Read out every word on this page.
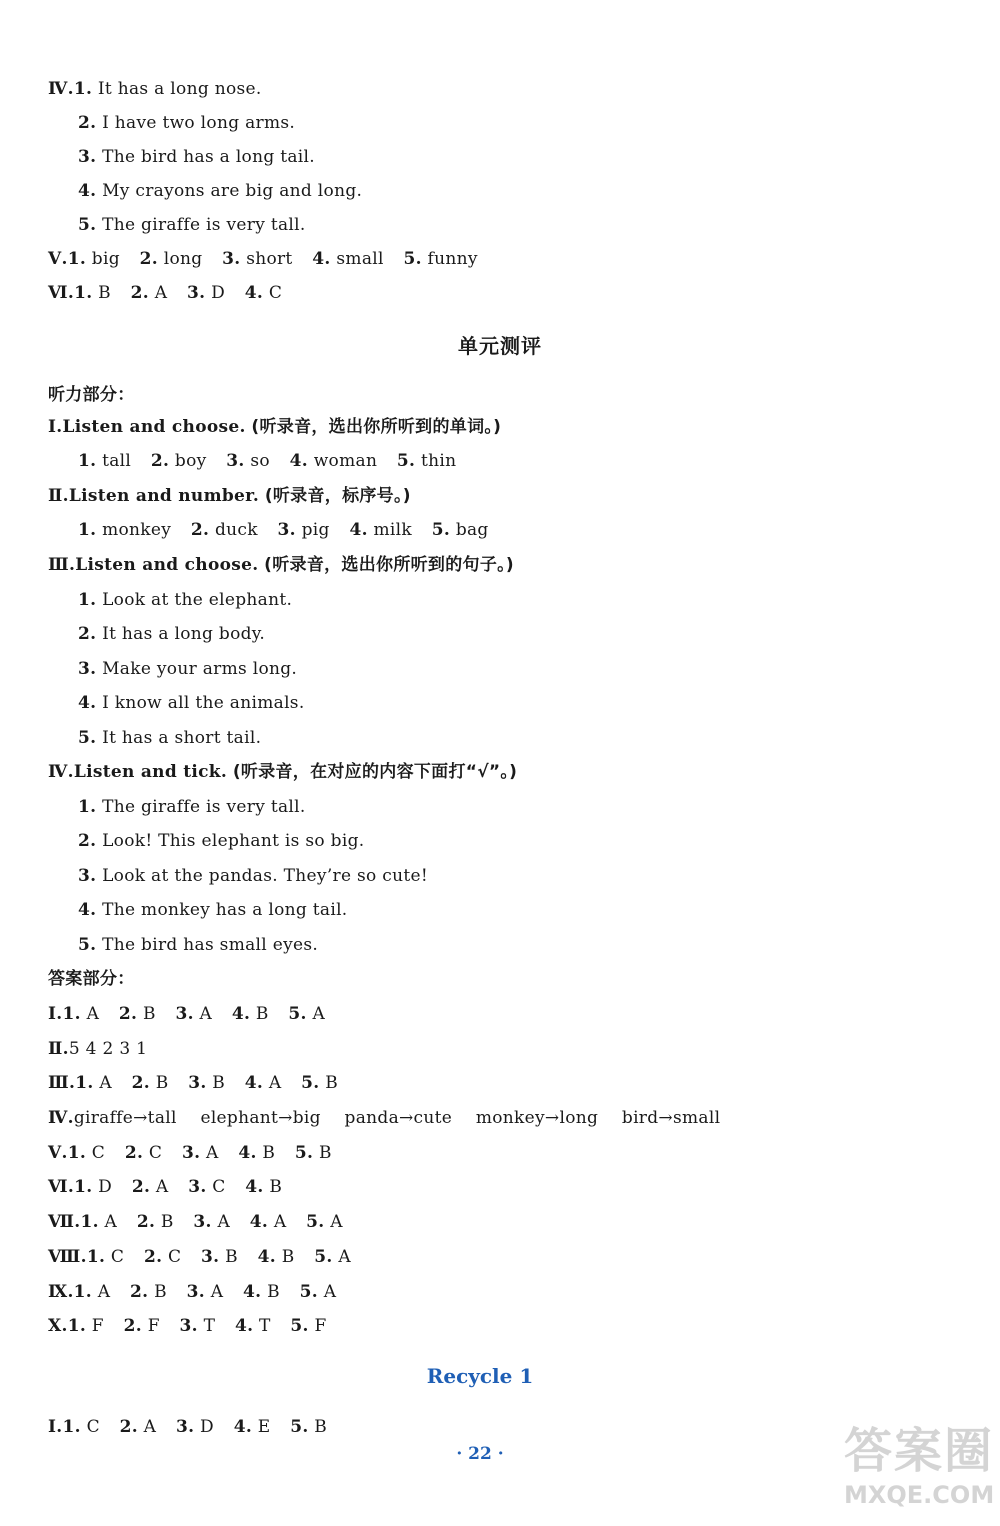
Ⅳ.1. It has a long nose.
2. I have two long arms.
3. The bird has a long tail.
4. My crayons are big and long.
5. The giraffe is very tall.
Ⅴ.1. big 2. long 3. short 4. small 5. funny
Ⅵ.1. B 2. A 3. D 4. C
单元测评
听力部分：
Ⅰ.Listen and choose. (听录音，选出你所听到的单词。)
1. tall 2. boy 3. so 4. woman 5. thin
Ⅱ.Listen and number. (听录音，标序号。)
1. monkey 2. duck 3. pig 4. milk 5. bag
Ⅲ.Listen and choose. (听录音，选出你所听到的句子。)
1. Look at the elephant.
2. It has a long body.
3. Make your arms long.
4. I know all the animals.
5. It has a short tail.
Ⅳ.Listen and tick. (听录音，在对应的内容下面打“√”。)
1. The giraffe is very tall.
2. Look! This elephant is so big.
3. Look at the pandas. They’re so cute!
4. The monkey has a long tail.
5. The bird has small eyes.
答案部分：
Ⅰ.1. A 2. B 3. A 4. B 5. A
Ⅱ.5 4 2 3 1
Ⅲ.1. A 2. B 3. B 4. A 5. B
Ⅳ.giraffe→tall elephant→big panda→cute monkey→long bird→small
Ⅴ.1. C 2. C 3. A 4. B 5. B
Ⅵ.1. D 2. A 3. C 4. B
Ⅶ.1. A 2. B 3. A 4. A 5. A
Ⅷ.1. C 2. C 3. B 4. B 5. A
Ⅸ.1. A 2. B 3. A 4. B 5. A
Ⅹ.1. F 2. F 3. T 4. T 5. F
Recycle 1
Ⅰ.1. C 2. A 3. D 4. E 5. B
· 22 ·	答案圈
MXQE.COM
